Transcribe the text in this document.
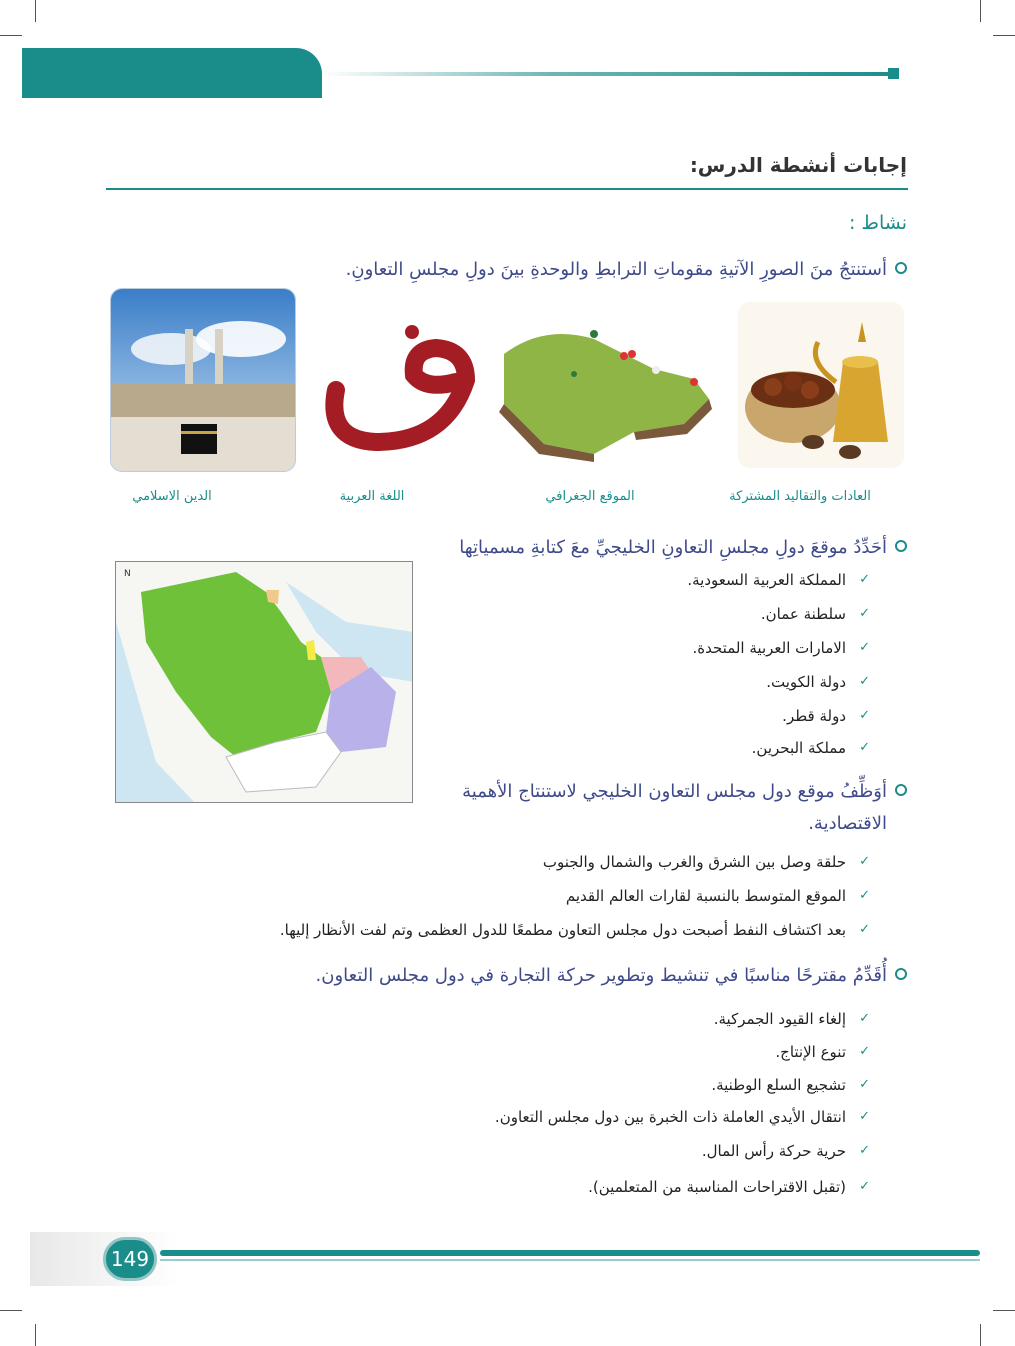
إجابات أنشطة الدرس:
نشاط :
أستنتجُ منَ الصورِ الآتيةِ مقوماتِ الترابطِ والوحدةِ بينَ دولِ مجلسِ التعاونِ.
العادات والتقاليد المشتركة
الموقع الجغرافي
اللغة العربية
الدين الاسلامي
أحَدِّدُ موقعَ دولِ مجلسِ التعاونِ الخليجيِّ معَ كتابةِ مسمياتِها
N	✓
المملكة العربية السعودية.
✓
سلطنة عمان.
✓
الامارات العربية المتحدة.
✓
دولة الكويت.
✓
دولة قطر.
✓
مملكة البحرين.
أوَظِّفُ موقع دول مجلس التعاون الخليجي لاستنتاج الأهمية الاقتصادية.
✓
حلقة وصل بين الشرق والغرب والشمال والجنوب
✓
الموقع المتوسط بالنسبة لقارات العالم القديم
✓
بعد اكتشاف النفط أصبحت دول مجلس التعاون مطمعًا للدول العظمى وتم لفت الأنظار إليها.
أُقَدِّمُ مقترحًا مناسبًا في تنشيط وتطوير حركة التجارة في دول مجلس التعاون.
✓
إلغاء القيود الجمركية.
✓
تنوع الإنتاج.
✓
تشجيع السلع الوطنية.
✓
انتقال الأيدي العاملة ذات الخبرة بين دول مجلس التعاون.
✓
حرية حركة رأس المال.
✓
(تقبل الاقتراحات المناسبة من المتعلمين).
149
